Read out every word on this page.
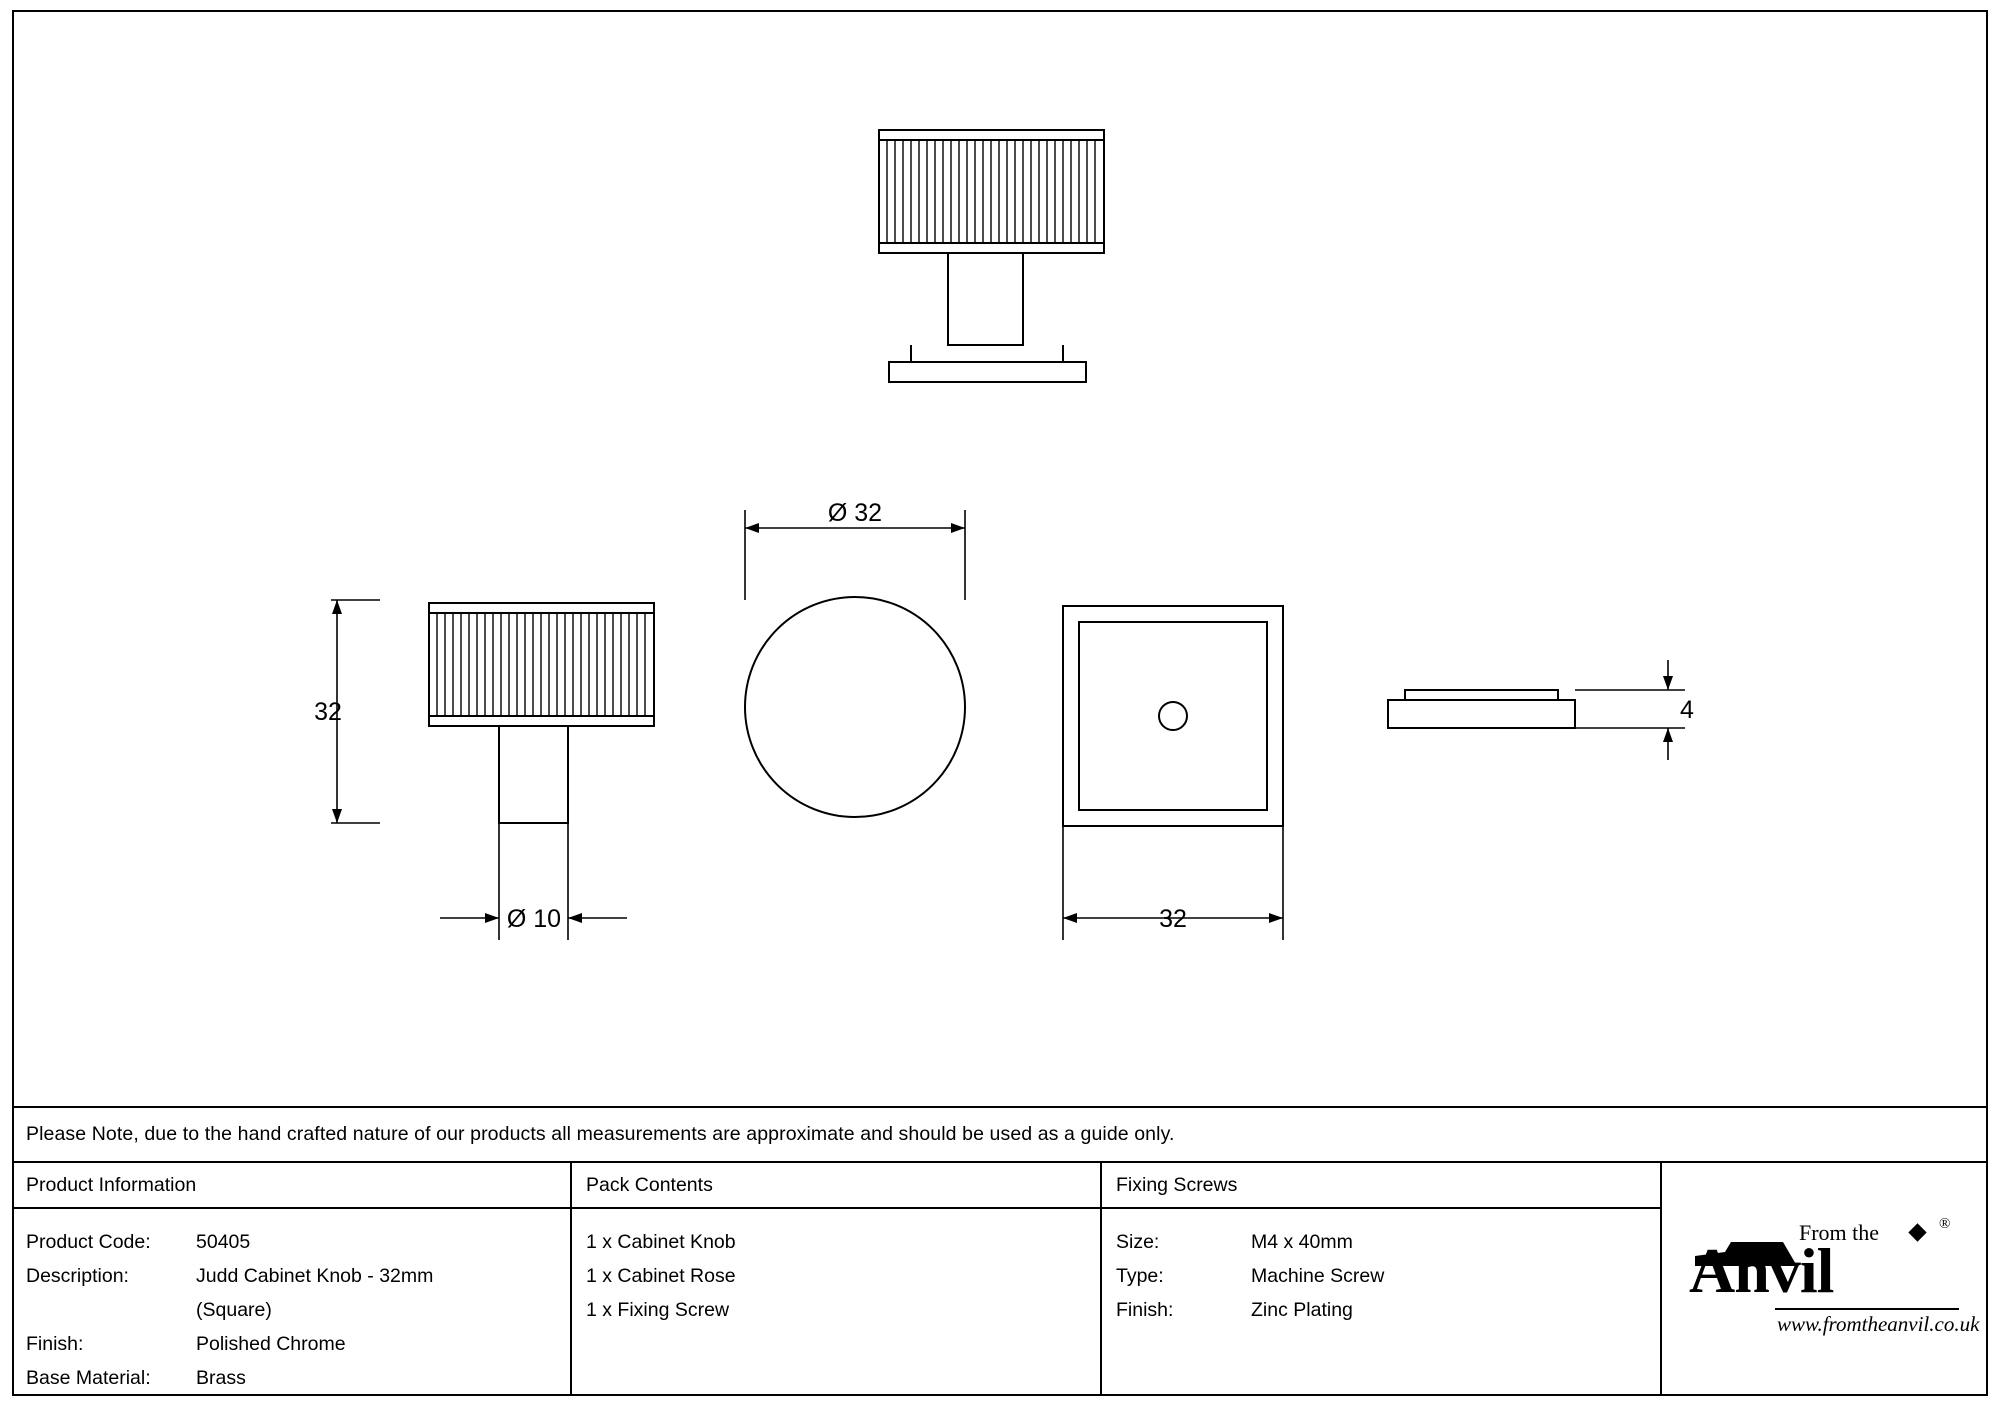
32
Ø 10
Ø 32
32
4
Please Note, due to the hand crafted nature of our products all measurements are approximate and should be used as a guide only.
Product Information
Product Code:	50405
Description:	Judd Cabinet Knob - 32mm
(Square)
Finish:	Polished Chrome
Base Material:	Brass
Pack Contents
1 x Cabinet Knob
1 x Cabinet Rose
1 x Fixing Screw
Fixing Screws
Size:	M4 x 40mm
Type:	Machine Screw
Finish:	Zinc Plating
From the	®
Anvil
www.fromtheanvil.co.uk
